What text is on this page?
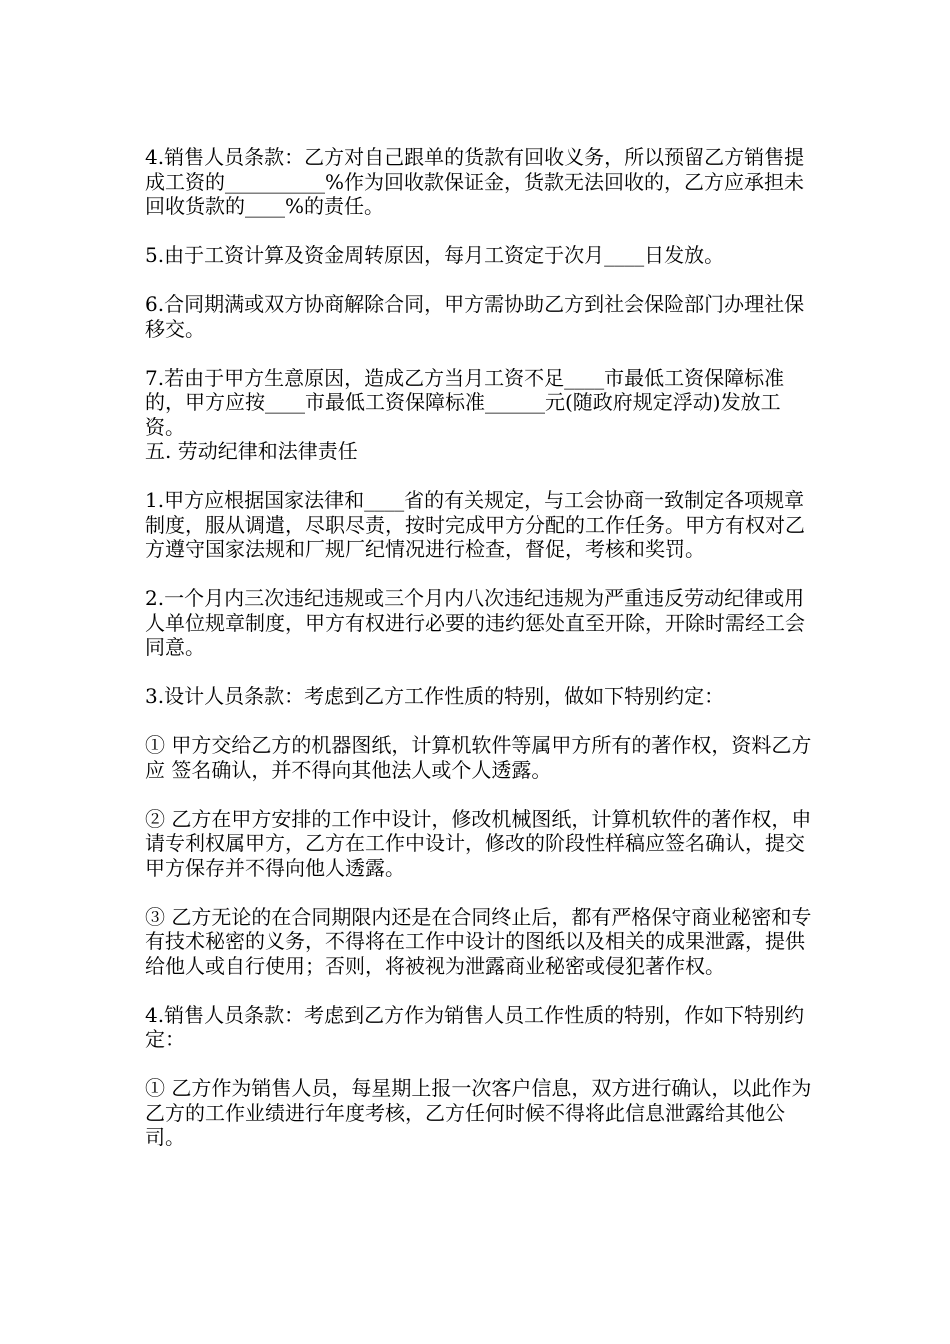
4.销售人员条款：乙方对自己跟单的货款有回收义务，所以预留乙方销售提成工资的__________%作为回收款保证金，货款无法回收的，乙方应承担未回收货款的____%的责任。

5.由于工资计算及资金周转原因，每月工资定于次月____日发放。

6.合同期满或双方协商解除合同，甲方需协助乙方到社会保险部门办理社保移交。

7.若由于甲方生意原因，造成乙方当月工资不足____市最低工资保障标准的，甲方应按____市最低工资保障标准______元(随政府规定浮动)发放工资。

五. 劳动纪律和法律责任

1.甲方应根据国家法律和____省的有关规定，与工会协商一致制定各项规章制度，服从调遣，尽职尽责，按时完成甲方分配的工作任务。甲方有权对乙方遵守国家法规和厂规厂纪情况进行检查，督促，考核和奖罚。

2.一个月内三次违纪违规或三个月内八次违纪违规为严重违反劳动纪律或用人单位规章制度，甲方有权进行必要的违约惩处直至开除，开除时需经工会同意。

3.设计人员条款：考虑到乙方工作性质的特别，做如下特别约定：

① 甲方交给乙方的机器图纸，计算机软件等属甲方所有的著作权，资料乙方应 签名确认，并不得向其他法人或个人透露。

② 乙方在甲方安排的工作中设计，修改机械图纸，计算机软件的著作权，申请专利权属甲方，乙方在工作中设计，修改的阶段性样稿应签名确认，提交甲方保存并不得向他人透露。

③ 乙方无论的在合同期限内还是在合同终止后，都有严格保守商业秘密和专有技术秘密的义务，不得将在工作中设计的图纸以及相关的成果泄露，提供给他人或自行使用；否则，将被视为泄露商业秘密或侵犯著作权。

4.销售人员条款：考虑到乙方作为销售人员工作性质的特别，作如下特别约定：

① 乙方作为销售人员，每星期上报一次客户信息，双方进行确认，以此作为乙方的工作业绩进行年度考核，乙方任何时候不得将此信息泄露给其他公司。
